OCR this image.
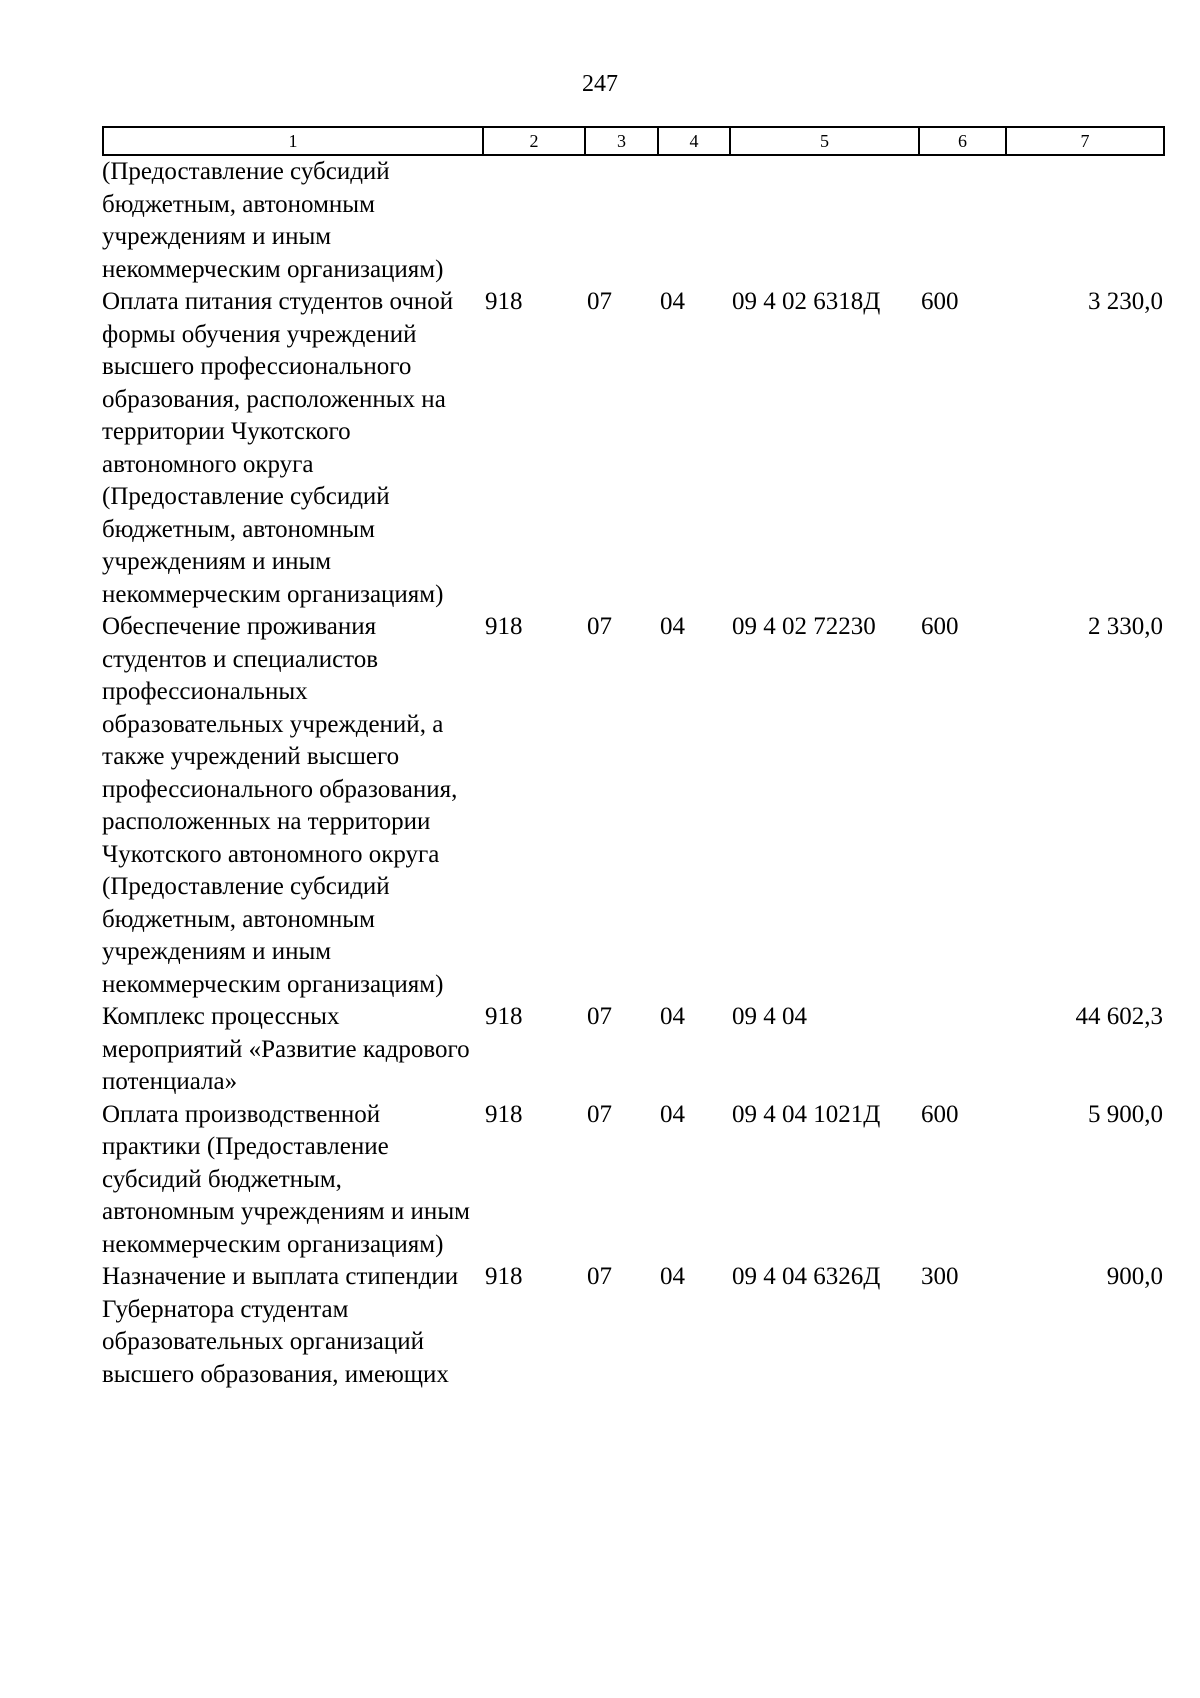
247
1	2	3	4	5	6	7
(Предоставление субсидий бюджетным, автономным учреждениям и иным некоммерческим организациям)						
Оплата питания студентов очной формы обучения учреждений высшего профессионального образования, расположенных на территории Чукотского автономного округа (Предоставление субсидий бюджетным, автономным учреждениям и иным некоммерческим организациям)	918	07	04	09 4 02 6318Д	600	3 230,0
Обеспечение проживания студентов и специалистов профессиональных образовательных учреждений, а также учреждений высшего профессионального образования, расположенных на территории Чукотского автономного округа (Предоставление субсидий бюджетным, автономным учреждениям и иным некоммерческим организациям)	918	07	04	09 4 02 72230	600	2 330,0
Комплекс процессных мероприятий «Развитие кадрового потенциала»	918	07	04	09 4 04		44 602,3
Оплата производственной практики (Предоставление субсидий бюджетным, автономным учреждениям и иным некоммерческим организациям)	918	07	04	09 4 04 1021Д	600	5 900,0
Назначение и выплата стипендии Губернатора студентам образовательных организаций высшего образования, имеющих	918	07	04	09 4 04 6326Д	300	900,0
